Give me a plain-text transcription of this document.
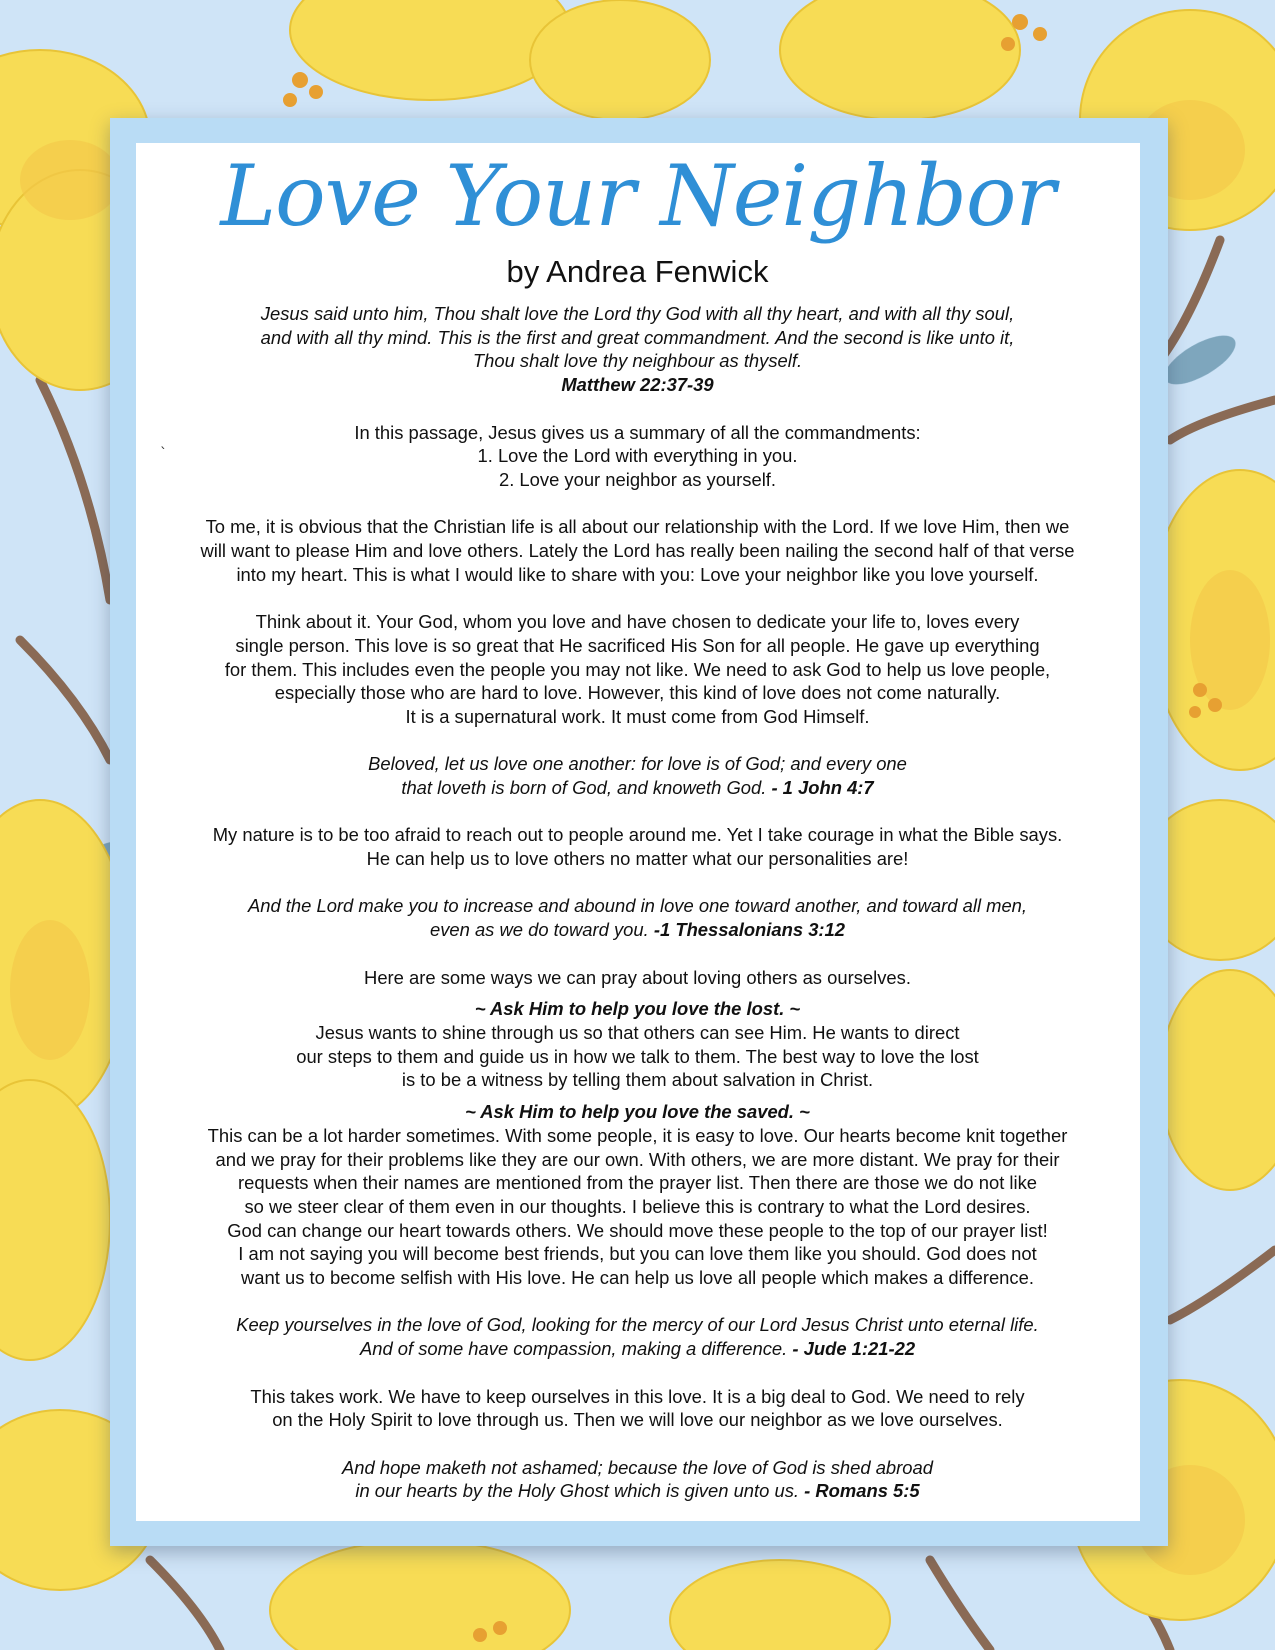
Love Your Neighbor
by Andrea Fenwick
`

Jesus said unto him, Thou shalt love the Lord thy God with all thy heart, and with all thy soul,

and with all thy mind. This is the first and great commandment. And the second is like unto it,

Thou shalt love thy neighbour as thyself.

Matthew 22:37-39

In this passage, Jesus gives us a summary of all the commandments:

1. Love the Lord with everything in you.

2. Love your neighbor as yourself.

To me, it is obvious that the Christian life is all about our relationship with the Lord. If we love Him, then we

will want to please Him and love others. Lately the Lord has really been nailing the second half of that verse

into my heart. This is what I would like to share with you: Love your neighbor like you love yourself.

Think about it. Your God, whom you love and have chosen to dedicate your life to, loves every

single person. This love is so great that He sacrificed His Son for all people. He gave up everything

for them. This includes even the people you may not like. We need to ask God to help us love people,

especially those who are hard to love. However, this kind of love does not come naturally.

It is a supernatural work. It must come from God Himself.

Beloved, let us love one another: for love is of God; and every one

that loveth is born of God, and knoweth God. - 1 John 4:7

My nature is to be too afraid to reach out to people around me. Yet I take courage in what the Bible says.

He can help us to love others no matter what our personalities are!

And the Lord make you to increase and abound in love one toward another, and toward all men,

even as we do toward you. -1 Thessalonians 3:12

Here are some ways we can pray about loving others as ourselves.

~ Ask Him to help you love the lost. ~

Jesus wants to shine through us so that others can see Him. He wants to direct

our steps to them and guide us in how we talk to them. The best way to love the lost

is to be a witness by telling them about salvation in Christ.

~ Ask Him to help you love the saved. ~

This can be a lot harder sometimes. With some people, it is easy to love. Our hearts become knit together

and we pray for their problems like they are our own. With others, we are more distant. We pray for their

requests when their names are mentioned from the prayer list. Then there are those we do not like

so we steer clear of them even in our thoughts. I believe this is contrary to what the Lord desires.

God can change our heart towards others. We should move these people to the top of our prayer list!

I am not saying you will become best friends, but you can love them like you should. God does not

want us to become selfish with His love. He can help us love all people which makes a difference.

Keep yourselves in the love of God, looking for the mercy of our Lord Jesus Christ unto eternal life.

And of some have compassion, making a difference. - Jude 1:21-22

This takes work. We have to keep ourselves in this love. It is a big deal to God. We need to rely

on the Holy Spirit to love through us. Then we will love our neighbor as we love ourselves.

And hope maketh not ashamed; because the love of God is shed abroad

in our hearts by the Holy Ghost which is given unto us. - Romans 5:5
